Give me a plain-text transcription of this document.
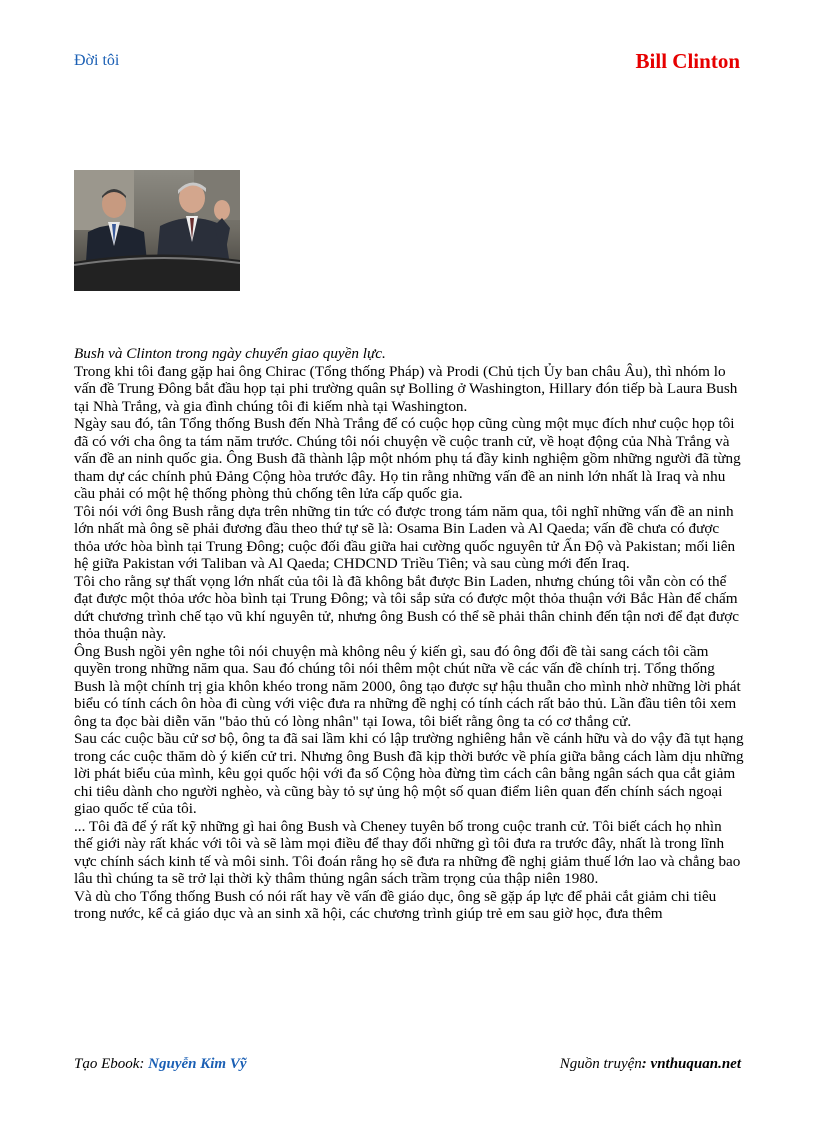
Đời tôi	Bill Clinton

Bush và Clinton trong ngày chuyển giao quyền lực.

Trong khi tôi đang gặp hai ông Chirac (Tổng thống Pháp) và Prodi (Chủ tịch Ủy ban châu Âu), thì nhóm lo vấn đề Trung Đông bắt đầu họp tại phi trường quân sự Bolling ở Washington, Hillary đón tiếp bà Laura Bush tại Nhà Trắng, và gia đình chúng tôi đi kiếm nhà tại Washington.

Ngày sau đó, tân Tổng thống Bush đến Nhà Trắng để có cuộc họp cũng cùng một mục đích như cuộc họp tôi đã có với cha ông ta tám năm trước. Chúng tôi nói chuyện về cuộc tranh cử, về hoạt động của Nhà Trắng và vấn đề an ninh quốc gia. Ông Bush đã thành lập một nhóm phụ tá đầy kinh nghiệm gồm những người đã từng tham dự các chính phủ Đảng Cộng hòa trước đây. Họ tin rằng những vấn đề an ninh lớn nhất là Iraq và nhu cầu phải có một hệ thống phòng thủ chống tên lửa cấp quốc gia.

Tôi nói với ông Bush rằng dựa trên những tin tức có được trong tám năm qua, tôi nghĩ những vấn đề an ninh lớn nhất mà ông sẽ phải đương đầu theo thứ tự sẽ là: Osama Bin Laden và Al Qaeda; vấn đề chưa có được thỏa ước hòa bình tại Trung Đông; cuộc đối đầu giữa hai cường quốc nguyên tử Ấn Độ và Pakistan; mối liên hệ giữa Pakistan với Taliban và Al Qaeda; CHDCND Triều Tiên; và sau cùng mới đến Iraq.

Tôi cho rằng sự thất vọng lớn nhất của tôi là đã không bắt được Bin Laden, nhưng chúng tôi vẫn còn có thể đạt được một thỏa ước hòa bình tại Trung Đông; và tôi sắp sửa có được một thỏa thuận với Bắc Hàn để chấm dứt chương trình chế tạo vũ khí nguyên tử, nhưng ông Bush có thể sẽ phải thân chinh đến tận nơi để đạt được thỏa thuận này.

Ông Bush ngồi yên nghe tôi nói chuyện mà không nêu ý kiến gì, sau đó ông đổi đề tài sang cách tôi cầm quyền trong những năm qua. Sau đó chúng tôi nói thêm một chút nữa về các vấn đề chính trị. Tổng thống Bush là một chính trị gia khôn khéo trong năm 2000, ông tạo được sự hậu thuẫn cho mình nhờ những lời phát biểu có tính cách ôn hòa đi cùng với việc đưa ra những đề nghị có tính cách rất bảo thủ. Lần đầu tiên tôi xem ông ta đọc bài diễn văn "bảo thủ có lòng nhân" tại Iowa, tôi biết rằng ông ta có cơ thắng cử.

Sau các cuộc bầu cử sơ bộ, ông ta đã sai lầm khi có lập trường nghiêng hẳn về cánh hữu và do vậy đã tụt hạng trong các cuộc thăm dò ý kiến cử tri. Nhưng ông Bush đã kịp thời bước về phía giữa bằng cách làm dịu những lời phát biểu của mình, kêu gọi quốc hội với đa số Cộng hòa đừng tìm cách cân bằng ngân sách qua cắt giảm chi tiêu dành cho người nghèo, và cũng bày tỏ sự ủng hộ một số quan điểm liên quan đến chính sách ngoại giao quốc tế của tôi.

... Tôi đã để ý rất kỹ những gì hai ông Bush và Cheney tuyên bố trong cuộc tranh cử. Tôi biết cách họ nhìn thế giới này rất khác với tôi và sẽ làm mọi điều để thay đổi những gì tôi đưa ra trước đây, nhất là trong lĩnh vực chính sách kinh tế và môi sinh. Tôi đoán rằng họ sẽ đưa ra những đề nghị giảm thuế lớn lao và chẳng bao lâu thì chúng ta sẽ trở lại thời kỳ thâm thủng ngân sách trầm trọng của thập niên 1980.

Và dù cho Tổng thống Bush có nói rất hay về vấn đề giáo dục, ông sẽ gặp áp lực để phải cắt giảm chi tiêu trong nước, kể cả giáo dục và an sinh xã hội, các chương trình giúp trẻ em sau giờ học, đưa thêm

Tạo Ebook: Nguyễn Kim Vỹ	Nguồn truyện: vnthuquan.net
